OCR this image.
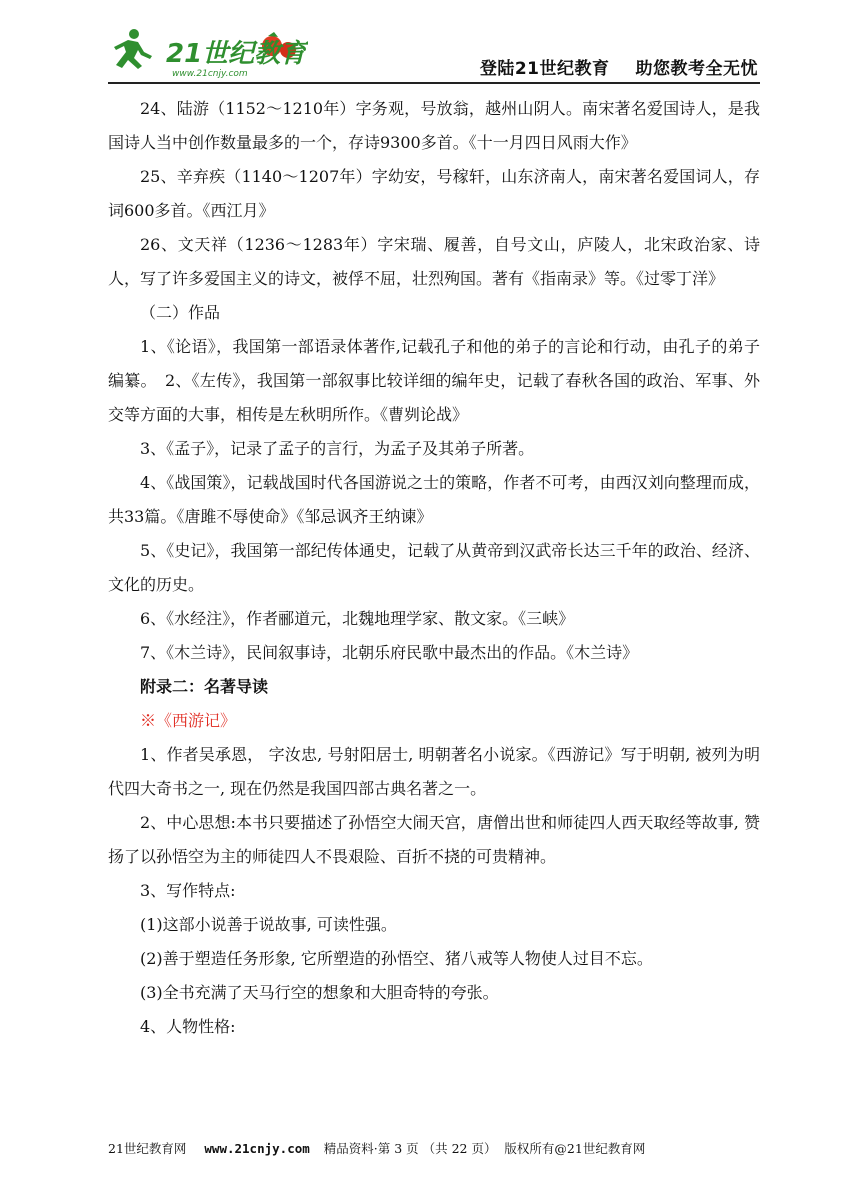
21世纪教育
www.21cnjy.com	登陆21世纪教育 助您教考全无忧

24、陆游（1152～1210年）字务观，号放翁，越州山阴人。南宋著名爱国诗人，是我国诗人当中创作数量最多的一个，存诗9300多首。《十一月四日风雨大作》

25、辛弃疾（1140～1207年）字幼安，号稼轩，山东济南人，南宋著名爱国词人，存词600多首。《西江月》

26、文天祥（1236～1283年）字宋瑞、履善，自号文山，庐陵人，北宋政治家、诗人，写了许多爱国主义的诗文，被俘不屈，壮烈殉国。著有《指南录》等。《过零丁洋》

（二）作品

1、《论语》，我国第一部语录体著作,记载孔子和他的弟子的言论和行动，由孔子的弟子编纂。　2、《左传》，我国第一部叙事比较详细的编年史，记载了春秋各国的政治、军事、外交等方面的大事，相传是左秋明所作。《曹刿论战》

3、《孟子》，记录了孟子的言行，为孟子及其弟子所著。

4、《战国策》，记载战国时代各国游说之士的策略，作者不可考，由西汉刘向整理而成，共33篇。《唐雎不辱使命》《邹忌讽齐王纳谏》

5、《史记》，我国第一部纪传体通史，记载了从黄帝到汉武帝长达三千年的政治、经济、文化的历史。

6、《水经注》，作者郦道元，北魏地理学家、散文家。《三峡》

7、《木兰诗》，民间叙事诗，北朝乐府民歌中最杰出的作品。《木兰诗》

附录二：名著导读

※《西游记》

1、作者吴承恩， 字汝忠, 号射阳居士, 明朝著名小说家。《西游记》写于明朝, 被列为明代四大奇书之一, 现在仍然是我国四部古典名著之一。

2、中心思想:本书只要描述了孙悟空大闹天宫，唐僧出世和师徒四人西天取经等故事, 赞扬了以孙悟空为主的师徒四人不畏艰险、百折不挠的可贵精神。

3、写作特点:

(1)这部小说善于说故事, 可读性强。

(2)善于塑造任务形象, 它所塑造的孙悟空、猪八戒等人物使人过目不忘。

(3)全书充满了天马行空的想象和大胆奇特的夸张。

4、人物性格:

21世纪教育网 www.21cnjy.com 精品资料·第 3 页 （共 22 页） 版权所有@21世纪教育网
